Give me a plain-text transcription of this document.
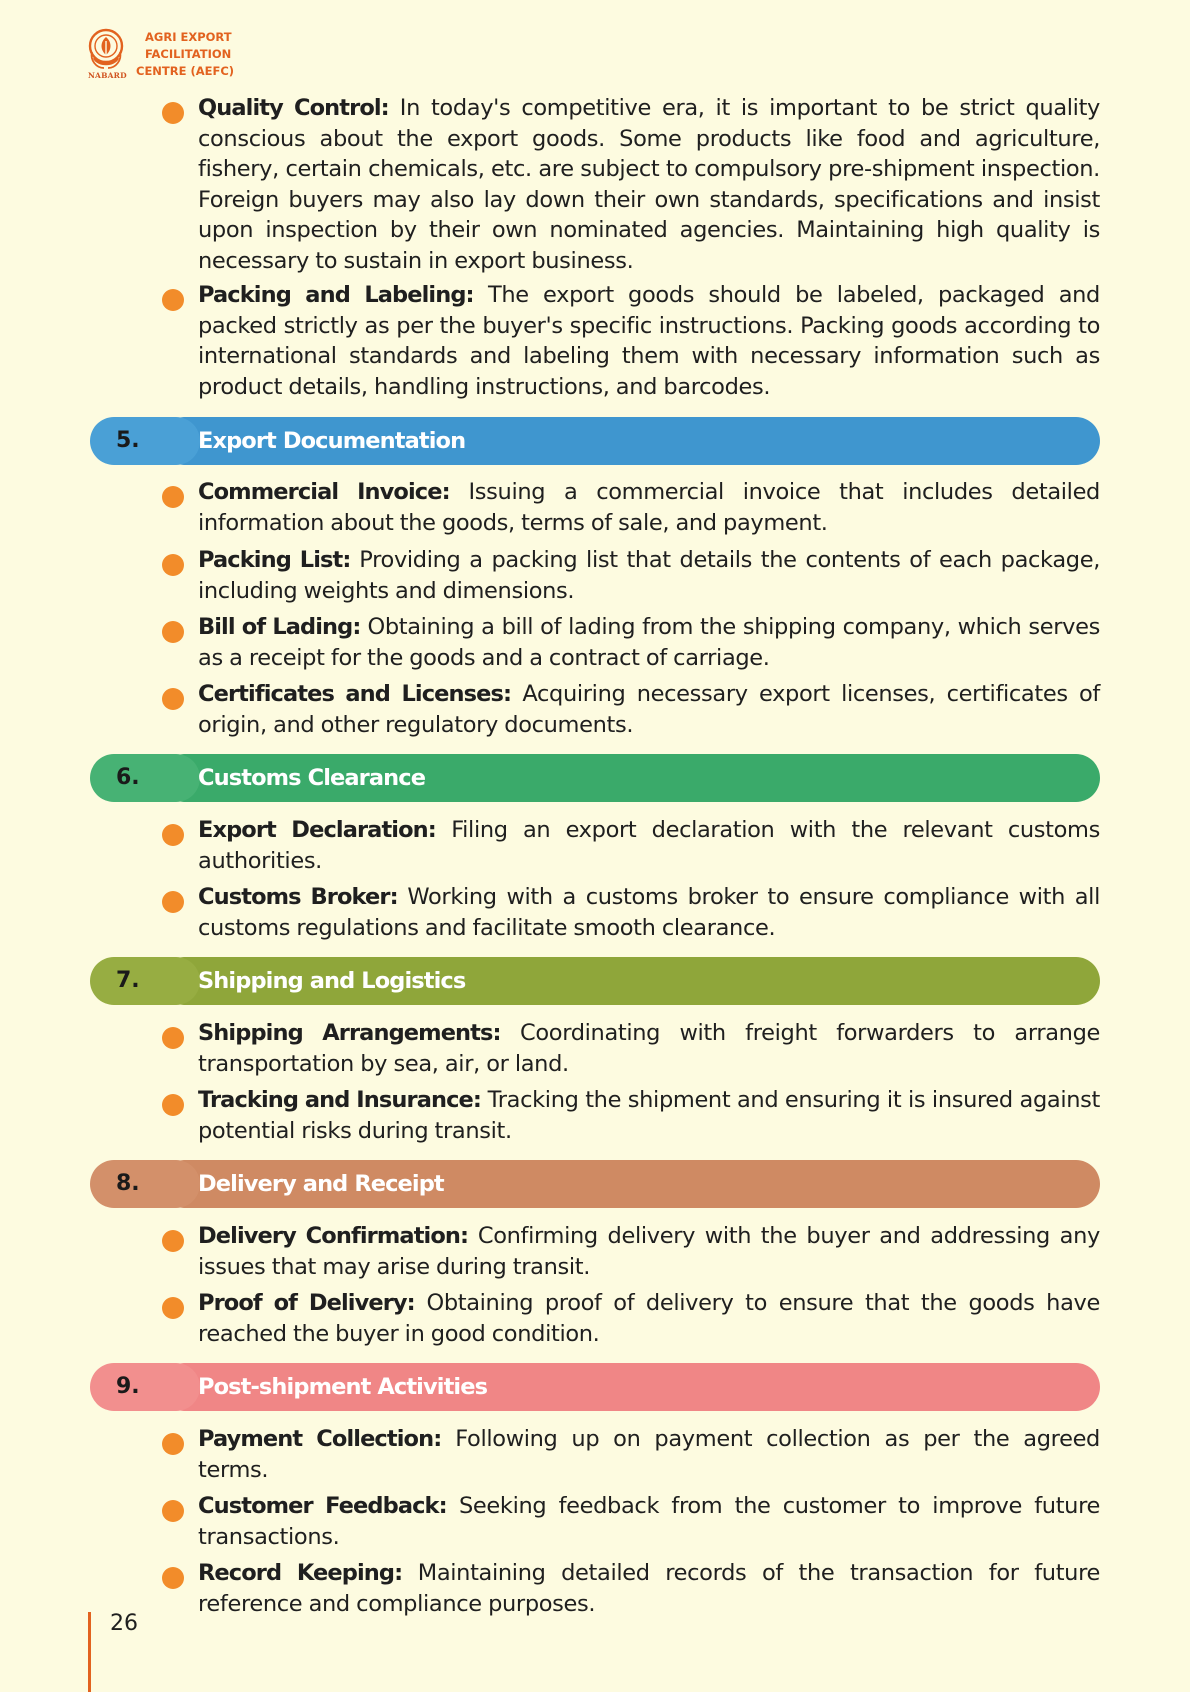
NABARD
AGRI EXPORT
FACILITATION
CENTRE (AEFC)
Quality Control: In today's competitive era, it is important to be strict quality conscious about the export goods. Some products like food and agriculture, fishery, certain chemicals, etc. are subject to compulsory pre-shipment inspection. Foreign buyers may also lay down their own standards, specifications and insist upon inspection by their own nominated agencies. Maintaining high quality is necessary to sustain in export business.
Packing and Labeling: The export goods should be labeled, packaged and packed strictly as per the buyer's specific instructions. Packing goods according to international standards and labeling them with necessary information such as product details, handling instructions, and barcodes.
5.	Export Documentation
Commercial Invoice: Issuing a commercial invoice that includes detailed information about the goods, terms of sale, and payment.
Packing List: Providing a packing list that details the contents of each package, including weights and dimensions.
Bill of Lading: Obtaining a bill of lading from the shipping company, which serves as a receipt for the goods and a contract of carriage.
Certificates and Licenses: Acquiring necessary export licenses, certificates of origin, and other regulatory documents.
6.	Customs Clearance
Export Declaration: Filing an export declaration with the relevant customs authorities.
Customs Broker: Working with a customs broker to ensure compliance with all customs regulations and facilitate smooth clearance.
7.	Shipping and Logistics
Shipping Arrangements: Coordinating with freight forwarders to arrange transportation by sea, air, or land.
Tracking and Insurance: Tracking the shipment and ensuring it is insured against potential risks during transit.
8.	Delivery and Receipt
Delivery Confirmation: Confirming delivery with the buyer and addressing any issues that may arise during transit.
Proof of Delivery: Obtaining proof of delivery to ensure that the goods have reached the buyer in good condition.
9.	Post-shipment Activities
Payment Collection: Following up on payment collection as per the agreed terms.
Customer Feedback: Seeking feedback from the customer to improve future transactions.
Record Keeping: Maintaining detailed records of the transaction for future reference and compliance purposes.
26
